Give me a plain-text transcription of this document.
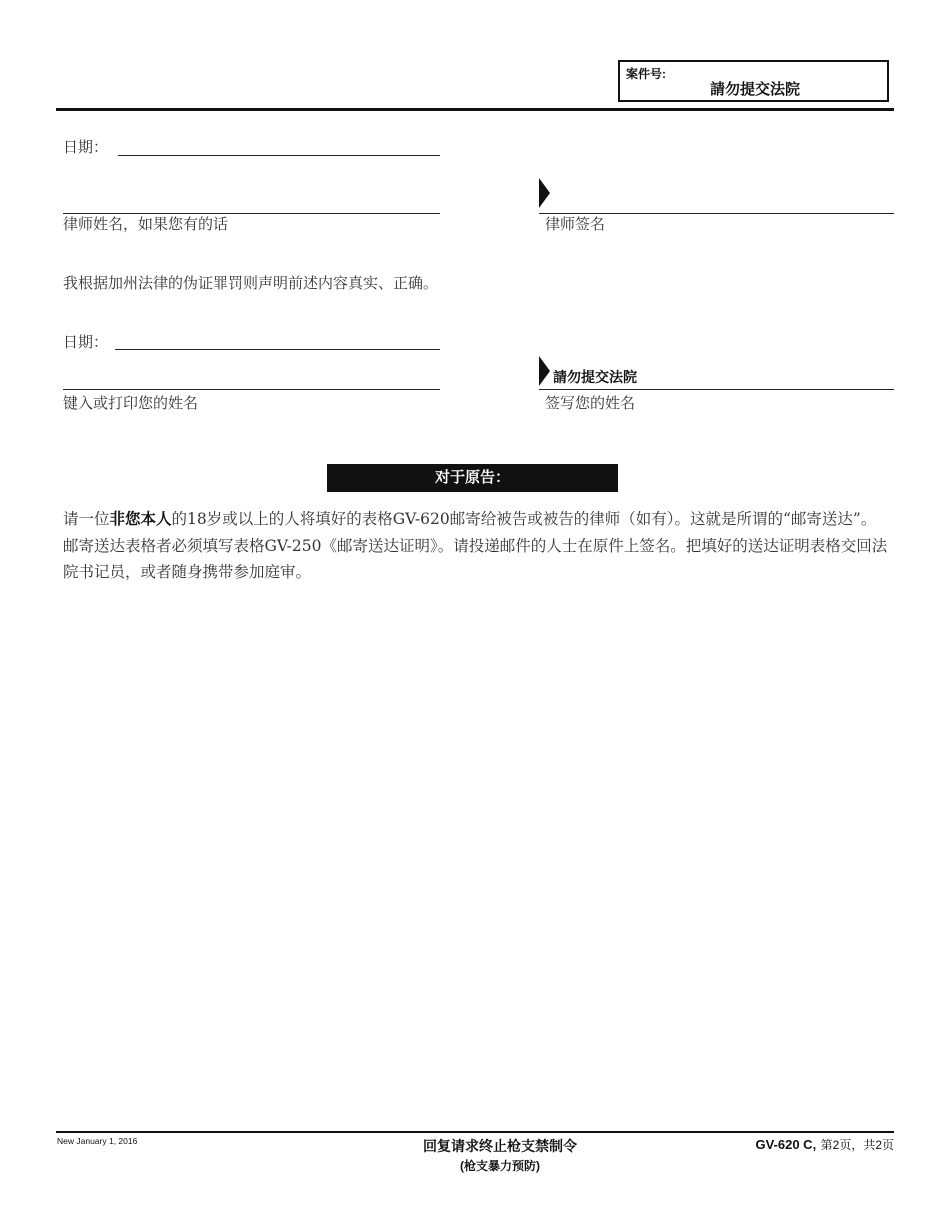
案件号:
請勿提交法院
日期：
律师姓名，如果您有的话	律师签名
我根据加州法律的伪证罪罚则声明前述内容真实、正确。
日期：
键入或打印您的姓名
請勿提交法院
签写您的姓名
对于原告：
请一位非您本人的18岁或以上的人将填好的表格GV-620邮寄给被告或被告的律师（如有）。这就是所谓的“邮寄送达”。邮寄送达表格者必须填写表格GV-250《邮寄送达证明》。请投递邮件的人士在原件上签名。把填好的送达证明表格交回法院书记员，或者随身携带参加庭审。
New January 1, 2016	回复请求终止枪支禁制令
(枪支暴力预防)
GV-620 C, 第2页，共2页
